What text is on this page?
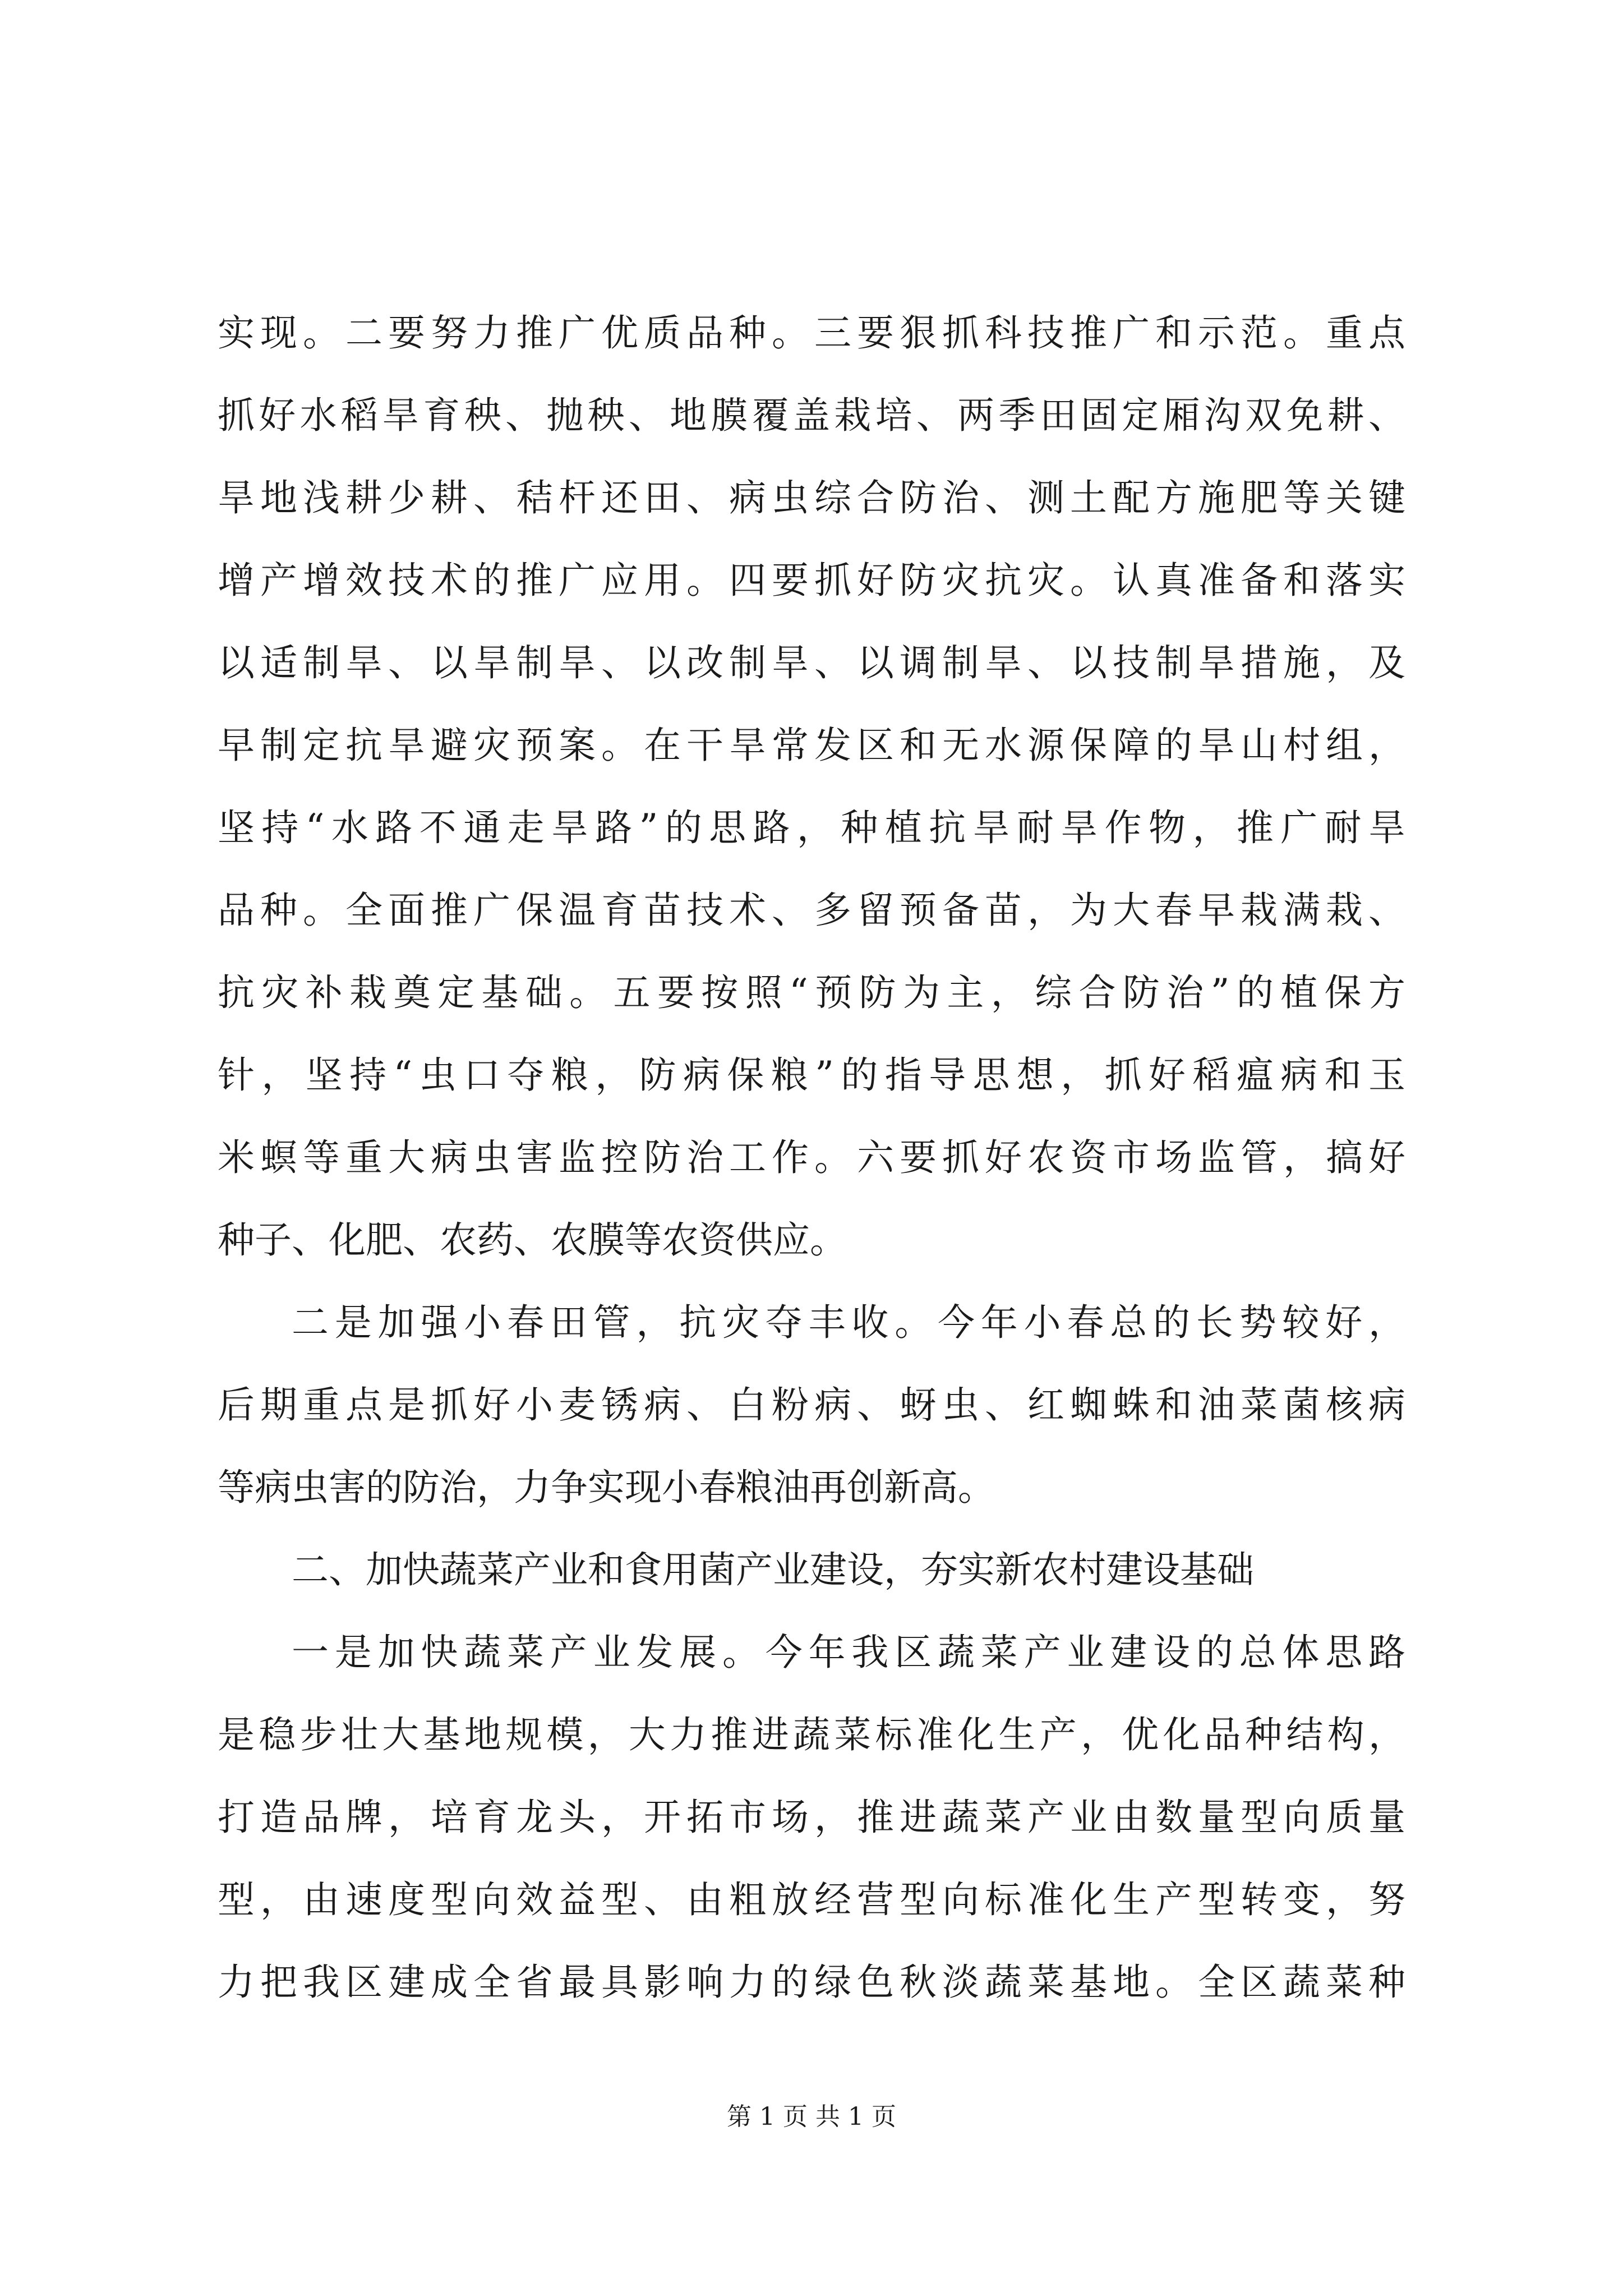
实现。二要努力推广优质品种。三要狠抓科技推广和示范。重点
抓好水稻旱育秧、抛秧、地膜覆盖栽培、两季田固定厢沟双免耕、
旱地浅耕少耕、秸杆还田、病虫综合防治、测土配方施肥等关键
增产增效技术的推广应用。四要抓好防灾抗灾。认真准备和落实
以适制旱、以旱制旱、以改制旱、以调制旱、以技制旱措施，及
早制定抗旱避灾预案。在干旱常发区和无水源保障的旱山村组，
坚持“水路不通走旱路”的思路，种植抗旱耐旱作物，推广耐旱
品种。全面推广保温育苗技术、多留预备苗，为大春早栽满栽、
抗灾补栽奠定基础。五要按照“预防为主，综合防治”的植保方
针，坚持“虫口夺粮，防病保粮”的指导思想，抓好稻瘟病和玉
米螟等重大病虫害监控防治工作。六要抓好农资市场监管，搞好
种子、化肥、农药、农膜等农资供应。
二是加强小春田管，抗灾夺丰收。今年小春总的长势较好，
后期重点是抓好小麦锈病、白粉病、蚜虫、红蜘蛛和油菜菌核病
等病虫害的防治，力争实现小春粮油再创新高。
二、加快蔬菜产业和食用菌产业建设，夯实新农村建设基础
一是加快蔬菜产业发展。今年我区蔬菜产业建设的总体思路
是稳步壮大基地规模，大力推进蔬菜标准化生产，优化品种结构，
打造品牌，培育龙头，开拓市场，推进蔬菜产业由数量型向质量
型，由速度型向效益型、由粗放经营型向标准化生产型转变，努
力把我区建成全省最具影响力的绿色秋淡蔬菜基地。全区蔬菜种
第 1 页 共 1 页
